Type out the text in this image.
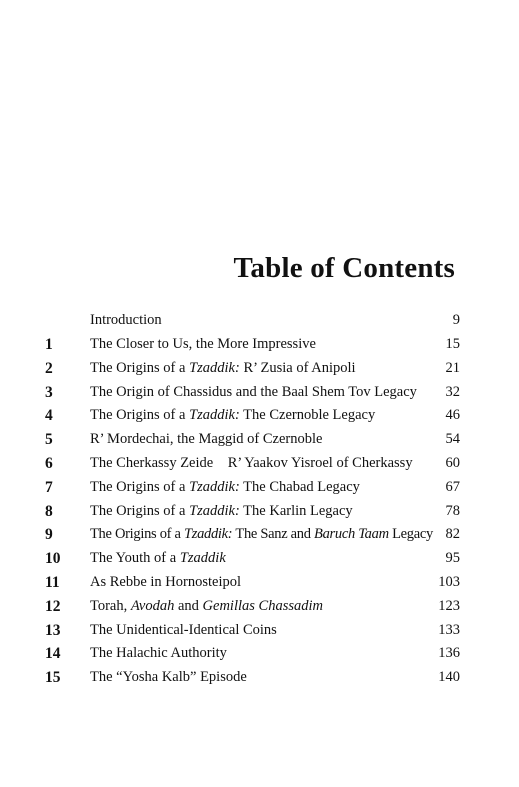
Table of Contents
Introduction	9
1	The Closer to Us, the More Impressive	15
2	The Origins of a Tzaddik: R’ Zusia of Anipoli	21
3	The Origin of Chassidus and the Baal Shem Tov Legacy 32
4	The Origins of a Tzaddik: The Czernoble Legacy	46
5	R’ Mordechai, the Maggid of Czernoble	54
6	The Cherkassy Zeide    R’ Yaakov Yisroel of Cherkassy 60
7	The Origins of a Tzaddik: The Chabad Legacy	67
8	The Origins of a Tzaddik: The Karlin Legacy	78
9	The Origins of a Tzaddik: The Sanz and Baruch Taam Legacy 82
10 The Youth of a Tzaddik	95
11 As Rebbe in Hornosteipol	103
12 Torah, Avodah and Gemillas Chassadim	123
13 The Unidentical-Identical Coins	133
14 The Halachic Authority	136
15 The “Yosha Kalb” Episode	140
